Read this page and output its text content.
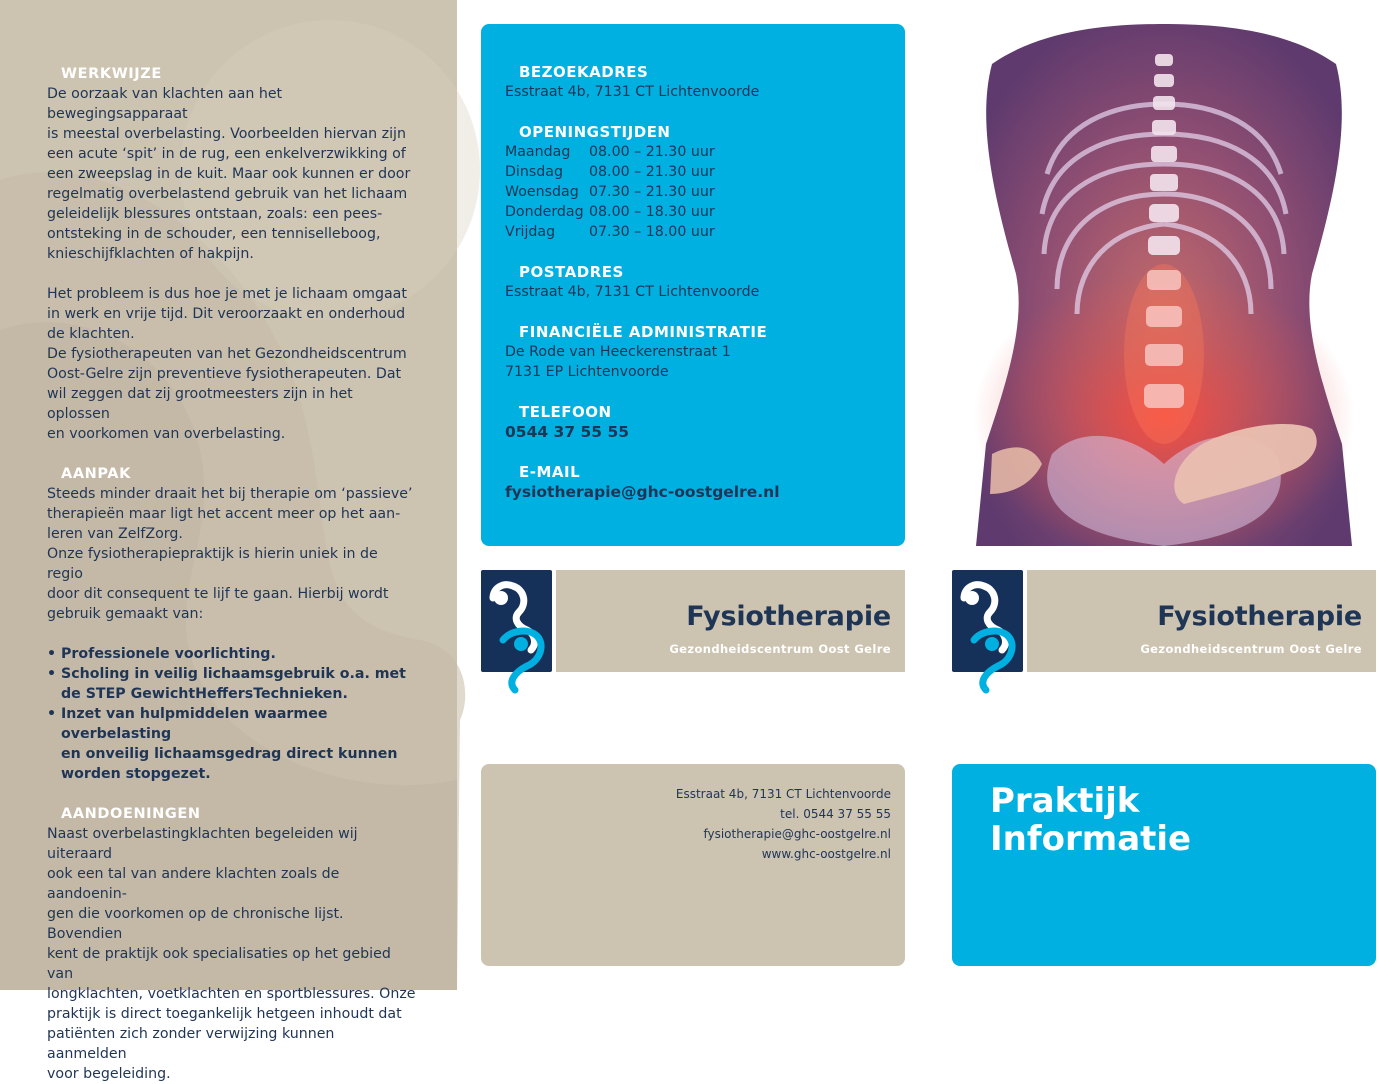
WERKWIJZE
De oorzaak van klachten aan het bewegingsapparaat
is meestal overbelasting. Voorbeelden hiervan zijn
een acute ‘spit’ in de rug, een enkelverzwikking of
een zweepslag in de kuit. Maar ook kunnen er door
regelmatig overbelastend gebruik van het lichaam
geleidelijk blessures ontstaan, zoals: een pees-
ontsteking in de schouder, een tenniselleboog,
knieschijfklachten of hakpijn.
Het probleem is dus hoe je met je lichaam omgaat
in werk en vrije tijd. Dit veroorzaakt en onderhoud
de klachten.
De fysiotherapeuten van het Gezondheidscentrum
Oost-Gelre zijn preventieve fysiotherapeuten. Dat
wil zeggen dat zij grootmeesters zijn in het oplossen
en voorkomen van overbelasting.
AANPAK
Steeds minder draait het bij therapie om ‘passieve’
therapieën maar ligt het accent meer op het aan-
leren van ZelfZorg.
Onze fysiotherapiepraktijk is hierin uniek in de regio
door dit consequent te lijf te gaan. Hierbij wordt
gebruik gemaakt van:
• Professionele voorlichting.
• Scholing in veilig lichaamsgebruik o.a. met
de STEP GewichtHeffersTechnieken.
• Inzet van hulpmiddelen waarmee overbelasting
en onveilig lichaamsgedrag direct kunnen
worden stopgezet.
AANDOENINGEN
Naast overbelastingklachten begeleiden wij uiteraard
ook een tal van andere klachten zoals de aandoenin-
gen die voorkomen op de chronische lijst. Bovendien
kent de praktijk ook specialisaties op het gebied van
longklachten, voetklachten en sportblessures. Onze
praktijk is direct toegankelijk hetgeen inhoudt dat
patiënten zich zonder verwijzing kunnen aanmelden
voor begeleiding.
BEZOEKADRES
Esstraat 4b, 7131 CT Lichtenvoorde
OPENINGSTIJDEN
Maandag	08.00 – 21.30 uur
Dinsdag	08.00 – 21.30 uur
Woensdag 07.30 – 21.30 uur
Donderdag 08.00 – 18.30 uur
Vrijdag	07.30 – 18.00 uur
POSTADRES
Esstraat 4b, 7131 CT Lichtenvoorde
FINANCIËLE ADMINISTRATIE
De Rode van Heeckerenstraat 1
7131 EP Lichtenvoorde
TELEFOON
0544 37 55 55
E-MAIL
fysiotherapie@ghc-oostgelre.nl
Fysiotherapie
Gezondheidscentrum Oost Gelre
Fysiotherapie
Gezondheidscentrum Oost Gelre
Esstraat 4b, 7131 CT Lichtenvoorde
tel. 0544 37 55 55
fysiotherapie@ghc-oostgelre.nl
www.ghc-oostgelre.nl
Praktijk
Informatie
